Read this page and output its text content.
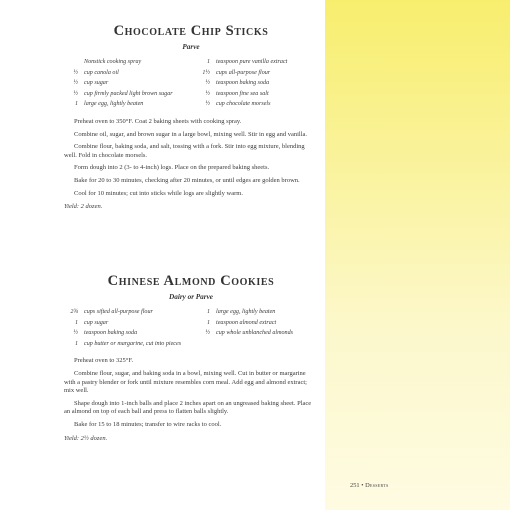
Chocolate Chip Sticks
Parve
Nonstick cooking spray
½ cup canola oil
½ cup sugar
½ cup firmly packed light brown sugar
1 large egg, lightly beaten
1 teaspoon pure vanilla extract
1½ cups all-purpose flour
½ teaspoon baking soda
½ teaspoon fine sea salt
½ cup chocolate morsels

Preheat oven to 350°F. Coat 2 baking sheets with cooking spray.

Combine oil, sugar, and brown sugar in a large bowl, mixing well. Stir in egg and vanilla.

Combine flour, baking soda, and salt, tossing with a fork. Stir into egg mixture, blending well. Fold in chocolate morsels.

Form dough into 2 (3- to 4-inch) logs. Place on the prepared baking sheets.

Bake for 20 to 30 minutes, checking after 20 minutes, or until edges are golden brown.

Cool for 10 minutes; cut into sticks while logs are slightly warm.

Yield: 2 dozen.

Chinese Almond Cookies
Dairy or Parve
2¾ cups sifted all-purpose flour
1 cup sugar
½ teaspoon baking soda
1 cup butter or margarine, cut into pieces
1 large egg, lightly beaten
1 teaspoon almond extract
½ cup whole unblanched almonds

Preheat oven to 325°F.

Combine flour, sugar, and baking soda in a bowl, mixing well. Cut in butter or margarine with a pastry blender or fork until mixture resembles corn meal. Add egg and almond extract; mix well.

Shape dough into 1-inch balls and place 2 inches apart on an ungreased baking sheet. Place an almond on top of each ball and press to flatten balls slightly.

Bake for 15 to 18 minutes; transfer to wire racks to cool.

Yield: 2½ dozen.

251 • Desserts
